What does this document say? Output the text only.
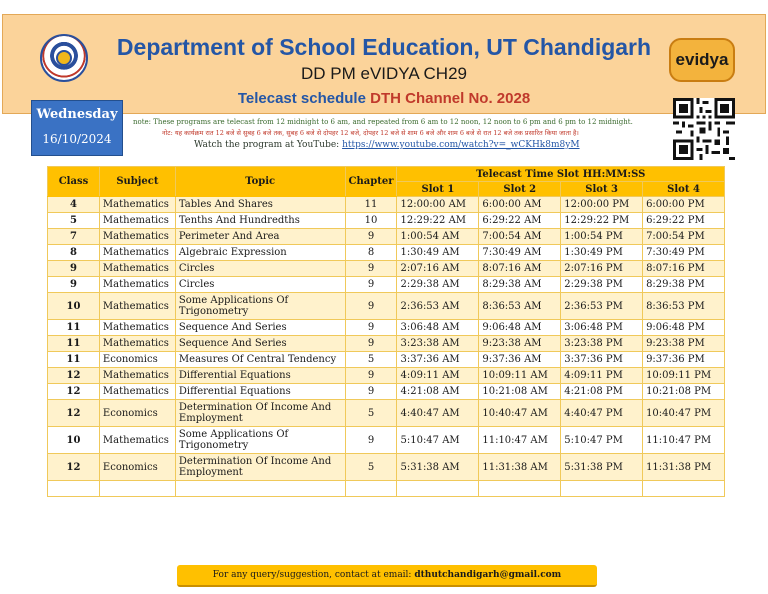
Department of School Education, UT Chandigarh
DD PM eVIDYA CH29
Telecast schedule DTH Channel No. 2028
evidya
Wednesday
16/10/2024
note: These programs are telecast from 12 midnight to 6 am, and repeated from 6 am to 12 noon, 12 noon to 6 pm and 6 pm to 12 midnight.
नोट: यह कार्यक्रम रात 12 बजे से सुबह 6 बजे तक, सुबह 6 बजे से दोपहर 12 बजे, दोपहर 12 बजे से शाम 6 बजे और शाम 6 बजे से रात 12 बजे तक प्रसारित किया जाता है।
Watch the program at YouTube: https://www.youtube.com/watch?v=_wCKHk8m8yM
Class	Subject	Topic	Chapter	Telecast Time Slot HH:MM:SS			
				Slot 1	Slot 2	Slot 3	Slot 4
4	Mathematics	Tables And Shares	11	12:00:00 AM	6:00:00 AM	12:00:00 PM	6:00:00 PM
5	Mathematics	Tenths And Hundredths	10	12:29:22 AM	6:29:22 AM	12:29:22 PM	6:29:22 PM
7	Mathematics	Perimeter And Area	9	1:00:54 AM	7:00:54 AM	1:00:54 PM	7:00:54 PM
8	Mathematics	Algebraic Expression	8	1:30:49 AM	7:30:49 AM	1:30:49 PM	7:30:49 PM
9	Mathematics	Circles	9	2:07:16 AM	8:07:16 AM	2:07:16 PM	8:07:16 PM
9	Mathematics	Circles	9	2:29:38 AM	8:29:38 AM	2:29:38 PM	8:29:38 PM
10	Mathematics	Some Applications Of Trigonometry	9	2:36:53 AM	8:36:53 AM	2:36:53 PM	8:36:53 PM
11	Mathematics	Sequence And Series	9	3:06:48 AM	9:06:48 AM	3:06:48 PM	9:06:48 PM
11	Mathematics	Sequence And Series	9	3:23:38 AM	9:23:38 AM	3:23:38 PM	9:23:38 PM
11	Economics	Measures Of Central Tendency	5	3:37:36 AM	9:37:36 AM	3:37:36 PM	9:37:36 PM
12	Mathematics	Differential Equations	9	4:09:11 AM	10:09:11 AM	4:09:11 PM	10:09:11 PM
12	Mathematics	Differential Equations	9	4:21:08 AM	10:21:08 AM	4:21:08 PM	10:21:08 PM
12	Economics	Determination Of Income And Employment	5	4:40:47 AM	10:40:47 AM	4:40:47 PM	10:40:47 PM
10	Mathematics	Some Applications Of Trigonometry	9	5:10:47 AM	11:10:47 AM	5:10:47 PM	11:10:47 PM
12	Economics	Determination Of Income And Employment	5	5:31:38 AM	11:31:38 AM	5:31:38 PM	11:31:38 PM

For any query/suggestion, contact at email: dthutchandigarh@gmail.com
